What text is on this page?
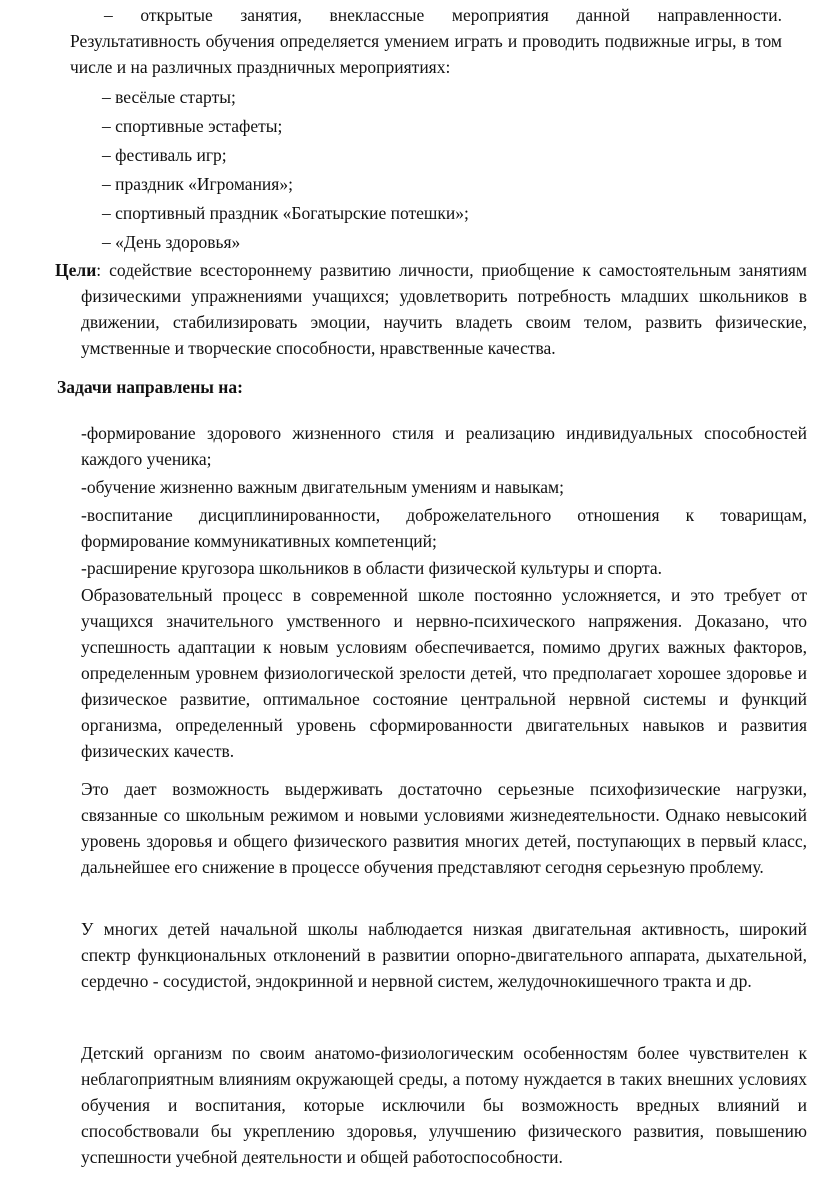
– открытые занятия, внеклассные мероприятия данной направленности.
Результативность обучения определяется умением играть и проводить подвижные игры, в том числе и на различных праздничных мероприятиях:
– весёлые старты;
– спортивные эстафеты;
– фестиваль игр;
– праздник «Игромания»;
– спортивный праздник «Богатырские потешки»;
– «День здоровья»
Цели: содействие всестороннему развитию личности, приобщение к самостоятельным занятиям физическими упражнениями учащихся; удовлетворить потребность младших школьников в движении, стабилизировать эмоции, научить владеть своим телом, развить физические, умственные и творческие способности, нравственные качества.
Задачи направлены на:
-формирование здорового жизненного стиля и реализацию индивидуальных способностей каждого ученика;
-обучение жизненно важным двигательным умениям и навыкам;
-воспитание дисциплинированности, доброжелательного отношения к товарищам, формирование коммуникативных компетенций;
-расширение кругозора школьников в области физической культуры и спорта.
Образовательный процесс в современной школе постоянно усложняется, и это требует от учащихся значительного умственного и нервно-психического напряжения. Доказано, что успешность адаптации к новым условиям обеспечивается, помимо других важных факторов, определенным уровнем физиологической зрелости детей, что предполагает хорошее здоровье и физическое развитие, оптимальное состояние центральной нервной системы и функций организма, определенный уровень сформированности двигательных навыков и развития физических качеств.
Это дает возможность выдерживать достаточно серьезные психофизические нагрузки, связанные со школьным режимом и новыми условиями жизнедеятельности. Однако невысокий уровень здоровья и общего физического развития многих детей, поступающих в первый класс, дальнейшее его снижение в процессе обучения представляют сегодня серьезную проблему.
У многих детей начальной школы наблюдается низкая двигательная активность, широкий спектр функциональных отклонений в развитии опорно-двигательного аппарата, дыхательной, сердечно - сосудистой, эндокринной и нервной систем, желудочнокишечного тракта и др.
Детский организм по своим анатомо-физиологическим особенностям более чувствителен к неблагоприятным влияниям окружающей среды, а потому нуждается в таких внешних условиях обучения и воспитания, которые исключили бы возможность вредных влияний и способствовали бы укреплению здоровья, улучшению физического развития, повышению успешности учебной деятельности и общей работоспособности.
